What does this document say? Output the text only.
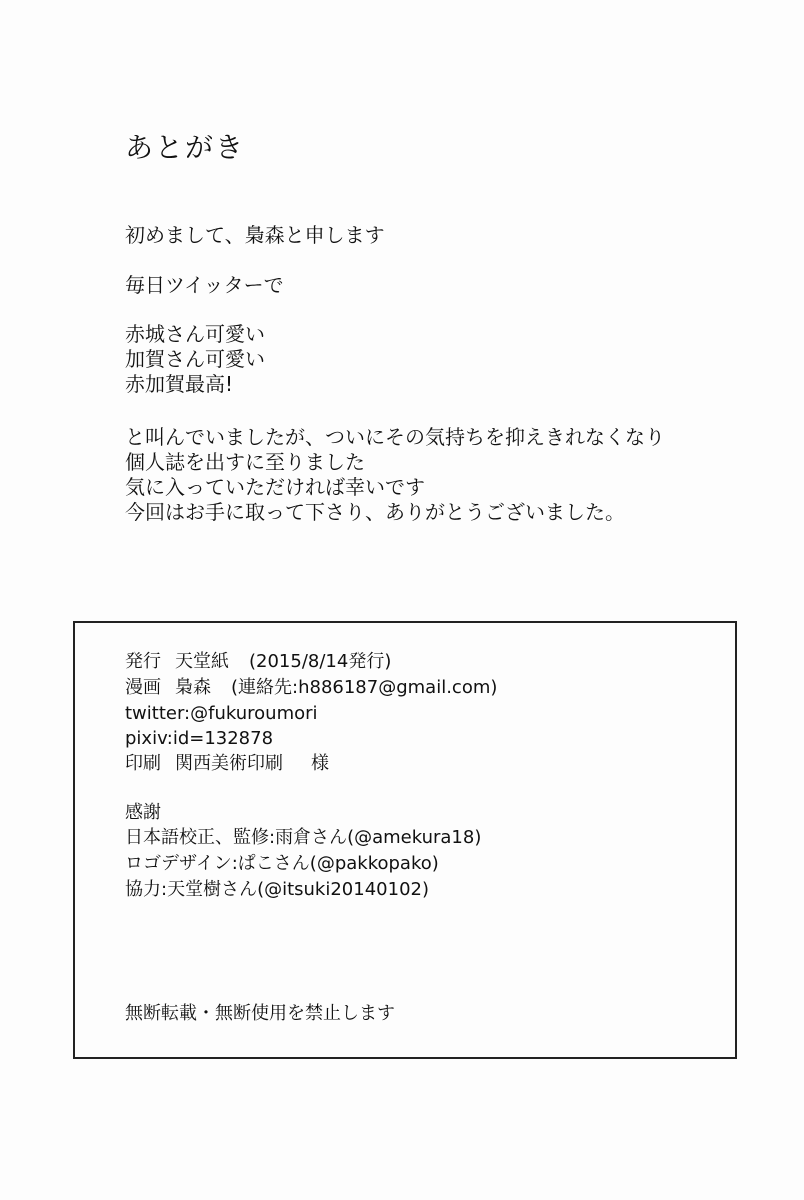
あとがき
初めまして、梟森と申します
毎日ツイッターで
赤城さん可愛い
加賀さん可愛い
赤加賀最高!
と叫んでいましたが、ついにその気持ちを抑えきれなくなり
個人誌を出すに至りました
気に入っていただければ幸いです
今回はお手に取って下さり、ありがとうございました。
発行 天堂紙 (2015/8/14発行)
漫画 梟森 (連絡先:h886187@gmail.com)
twitter:@fukuroumori
pixiv:id=132878
印刷 関西美術印刷 様
感謝
日本語校正、監修:雨倉さん(@amekura18)
ロゴデザイン:ぱこさん(@pakkopako)
協力:天堂樹さん(@itsuki20140102)
無断転載・無断使用を禁止します
